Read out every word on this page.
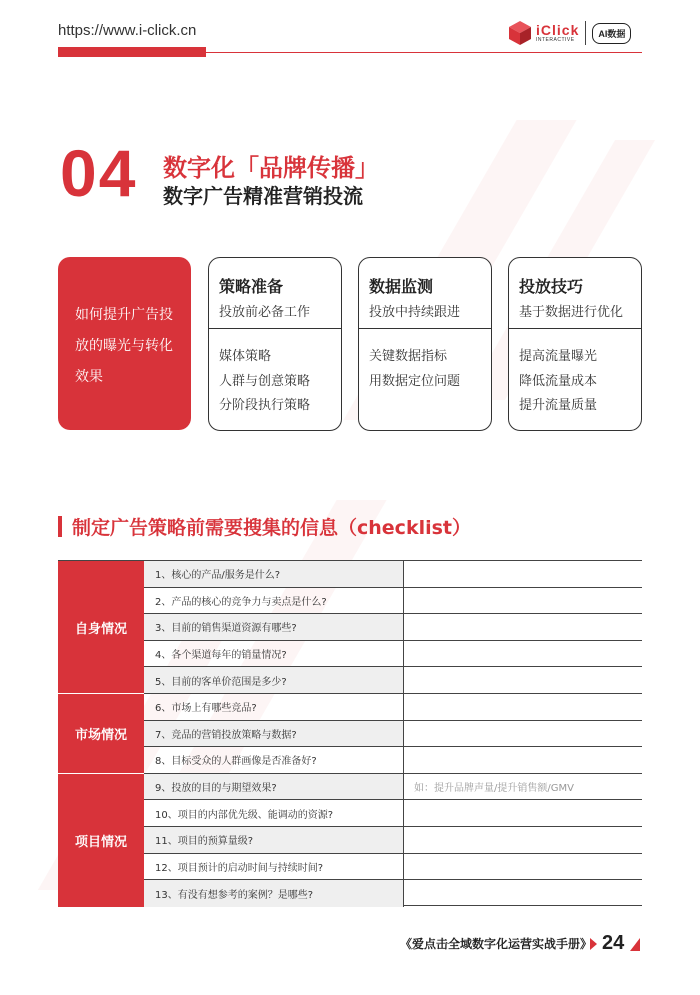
https://www.i-click.cn	iClick
INTERACTIVE
AI数据
04 数字化「品牌传播」
数字广告精准营销投流
如何提升广告投放的曝光与转化效果
策略准备
投放前必备工作
媒体策略
人群与创意策略
分阶段执行策略
数据监测
投放中持续跟进
关键数据指标
用数据定位问题
投放技巧
基于数据进行优化
提高流量曝光
降低流量成本
提升流量质量
制定广告策略前需要搜集的信息（checklist）
自身情况
市场情况
项目情况
1、核心的产品/服务是什么?
2、产品的核心的竞争力与卖点是什么?
3、目前的销售渠道资源有哪些?
4、各个渠道每年的销量情况?
5、目前的客单价范围是多少?
6、市场上有哪些竞品?
7、竞品的营销投放策略与数据?
8、目标受众的人群画像是否准备好?
9、投放的目的与期望效果?	如：提升品牌声量/提升销售额/GMV
10、项目的内部优先级、能调动的资源?
11、项目的预算量级?
12、项目预计的启动时间与持续时间?
13、有没有想参考的案例？是哪些?
《爱点击全域数字化运营实战手册》 24
